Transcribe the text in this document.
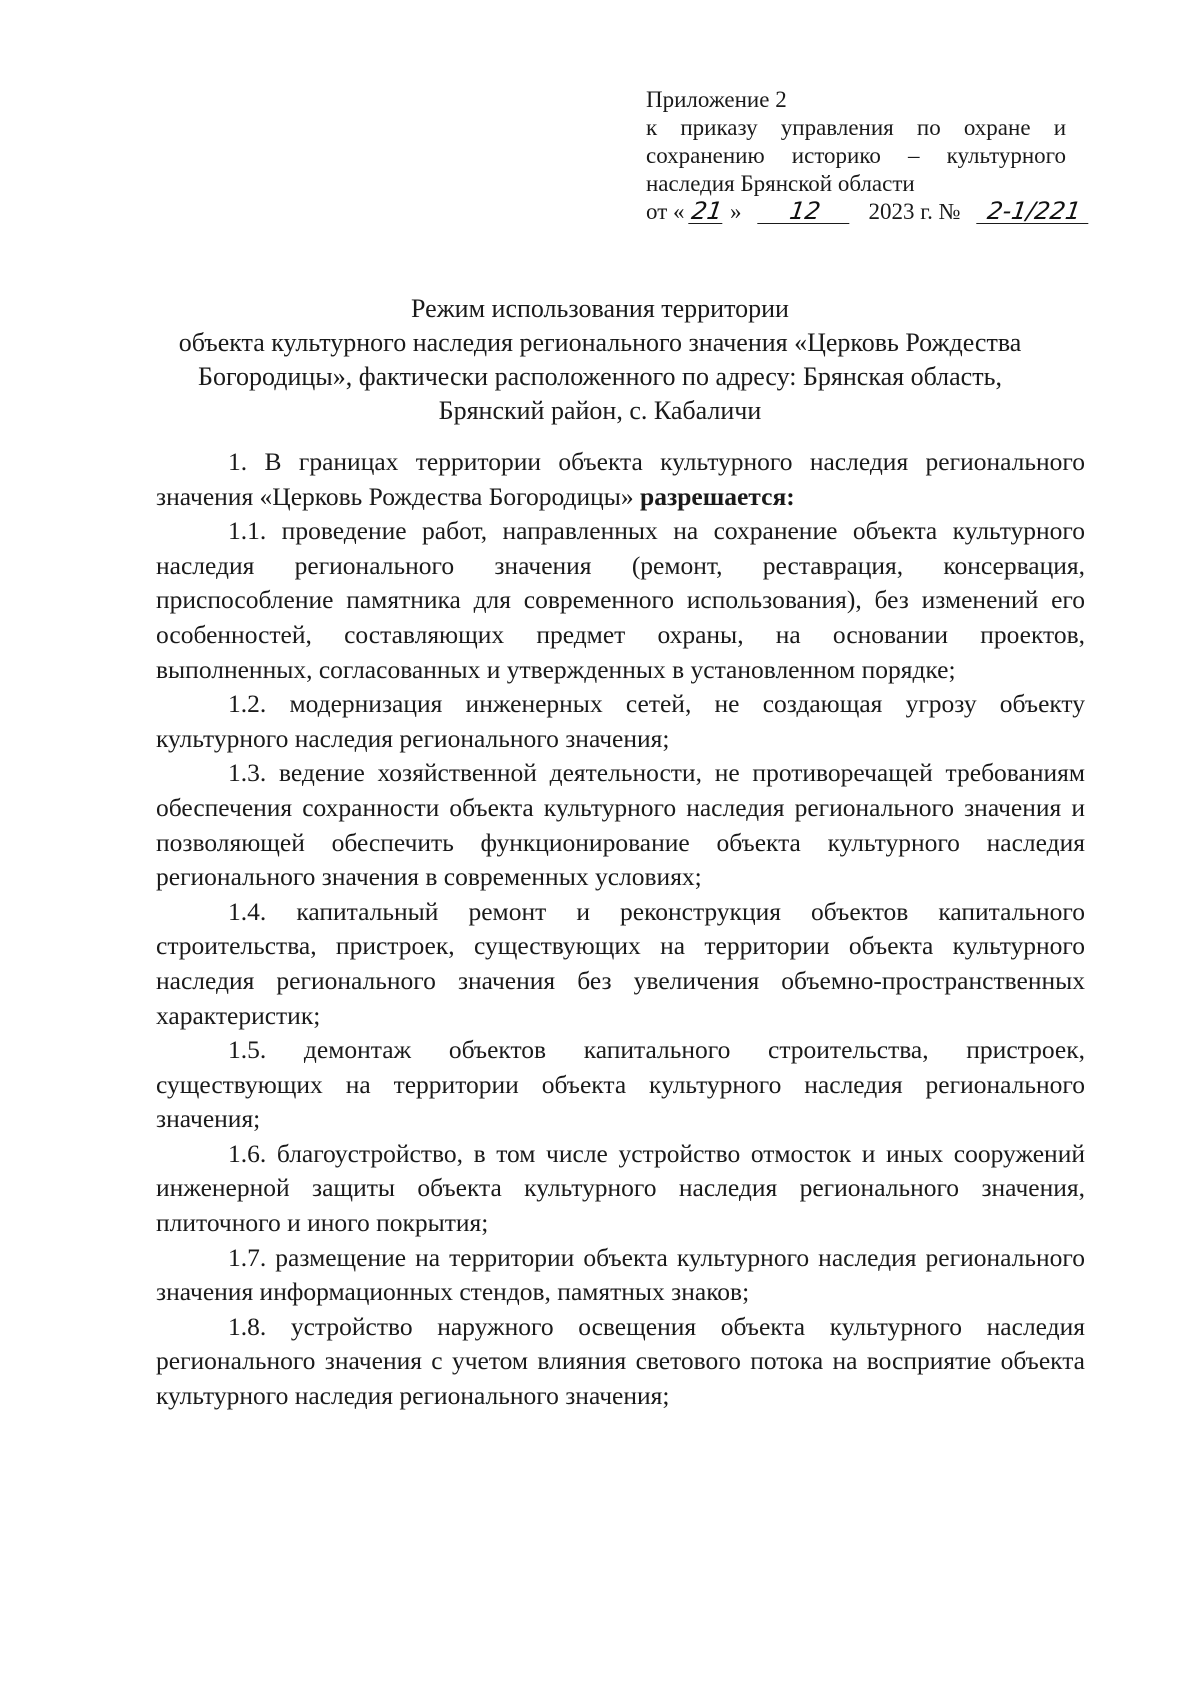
Приложение 2
к приказу управления по охране и
сохранению историко – культурного
наследия Брянской области
от « 21 » 12 2023 г. № 2-1/221
Режим использования территории
объекта культурного наследия регионального значения «Церковь Рождества
Богородицы», фактически расположенного по адресу: Брянская область,
Брянский район, с. Кабаличи

1. В границах территории объекта культурного наследия регионального значения «Церковь Рождества Богородицы» разрешается:

1.1. проведение работ, направленных на сохранение объекта культурного наследия регионального значения (ремонт, реставрация, консервация, приспособление памятника для современного использования), без изменений его особенностей, составляющих предмет охраны, на основании проектов, выполненных, согласованных и утвержденных в установленном порядке;

1.2. модернизация инженерных сетей, не создающая угрозу объекту культурного наследия регионального значения;

1.3. ведение хозяйственной деятельности, не противоречащей требованиям обеспечения сохранности объекта культурного наследия регионального значения и позволяющей обеспечить функционирование объекта культурного наследия регионального значения в современных условиях;

1.4. капитальный ремонт и реконструкция объектов капитального строительства, пристроек, существующих на территории объекта культурного наследия регионального значения без увеличения объемно-пространственных характеристик;

1.5. демонтаж объектов капитального строительства, пристроек, существующих на территории объекта культурного наследия регионального значения;

1.6. благоустройство, в том числе устройство отмосток и иных сооружений инженерной защиты объекта культурного наследия регионального значения, плиточного и иного покрытия;

1.7. размещение на территории объекта культурного наследия регионального значения информационных стендов, памятных знаков;

1.8. устройство наружного освещения объекта культурного наследия регионального значения с учетом влияния светового потока на восприятие объекта культурного наследия регионального значения;
